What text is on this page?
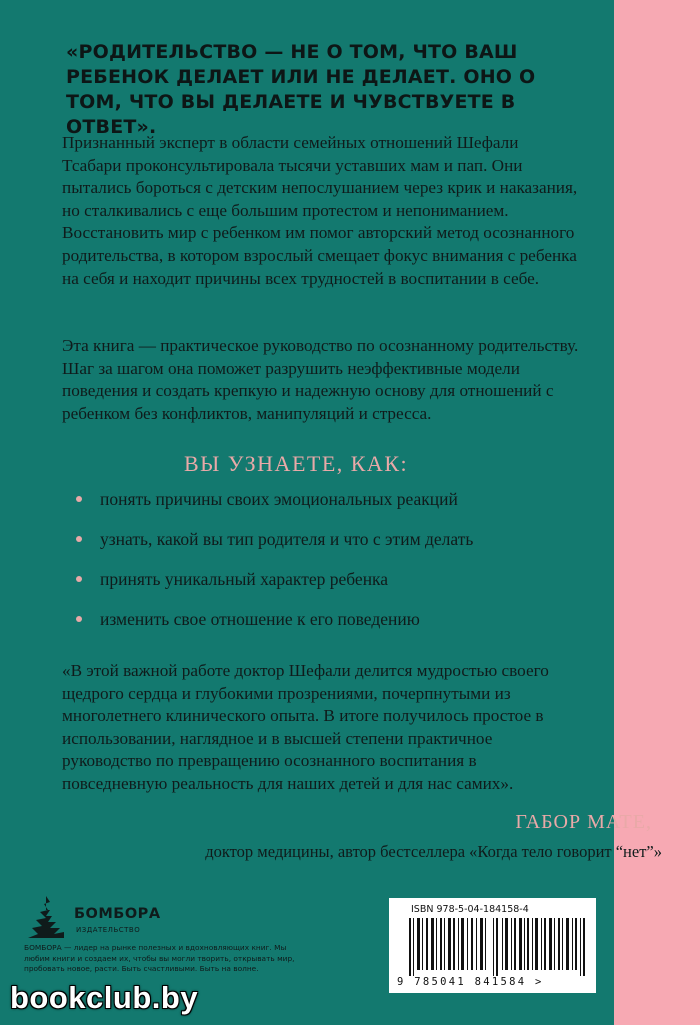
«РОДИТЕЛЬСТВО — НЕ О ТОМ, ЧТО ВАШ РЕБЕНОК ДЕЛАЕТ ИЛИ НЕ ДЕЛАЕТ. ОНО О ТОМ, ЧТО ВЫ ДЕЛАЕТЕ И ЧУВСТВУЕТЕ В ОТВЕТ».
Признанный эксперт в области семейных отношений Шефали Тсабари проконсультировала тысячи уставших мам и пап. Они пытались бороться с детским непослушанием через крик и наказания, но сталкивались с еще большим протестом и непониманием. Восстановить мир с ребенком им помог авторский метод осознанного родительства, в котором взрослый смещает фокус внимания с ребенка на себя и находит причины всех трудностей в воспитании в себе.
Эта книга — практическое руководство по осознанному родительству. Шаг за шагом она поможет разрушить неэффективные модели поведения и создать крепкую и надежную основу для отношений с ребенком без конфликтов, манипуляций и стресса.
ВЫ УЗНАЕТЕ, КАК:
понять причины своих эмоциональных реакций
узнать, какой вы тип родителя и что с этим делать
принять уникальный характер ребенка
изменить свое отношение к его поведению
«В этой важной работе доктор Шефали делится мудростью своего щедрого сердца и глубокими прозрениями, почерпнутыми из многолетнего клинического опыта. В итоге получилось простое в использовании, наглядное и в высшей степени практичное руководство по превращению осознанного воспитания в повседневную реальность для наших детей и для нас самих».
ГАБОР МАТЕ,
доктор медицины, автор бестселлера «Когда тело говорит “нет”»
БОМБОРА
ИЗДАТЕЛЬСТВО
БОМБОРА — лидер на рынке полезных и вдохновляющих книг. Мы любим книги и создаем их, чтобы вы могли творить, открывать мир, пробовать новое, расти. Быть счастливыми. Быть на волне.
ISBN 978-5-04-184158-4
9 785041 841584 >
bookclub.by
